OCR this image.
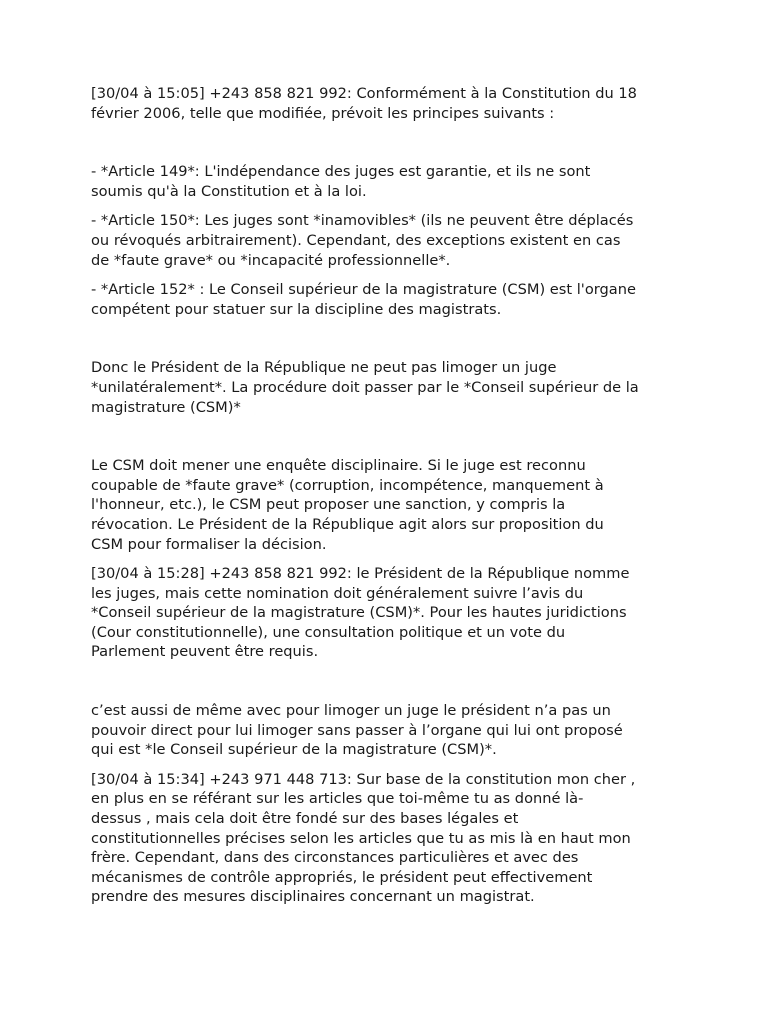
[30/04 à 15:05] +243 858 821 992: Conformément à la Constitution du 18
février 2006, telle que modifiée, prévoit les principes suivants :

- *Article 149*: L'indépendance des juges est garantie, et ils ne sont
soumis qu'à la Constitution et à la loi.

- *Article 150*: Les juges sont *inamovibles* (ils ne peuvent être déplacés
ou révoqués arbitrairement). Cependant, des exceptions existent en cas
de *faute grave* ou *incapacité professionnelle*.

- *Article 152* : Le Conseil supérieur de la magistrature (CSM) est l'organe
compétent pour statuer sur la discipline des magistrats.

Donc le Président de la République ne peut pas limoger un juge
*unilatéralement*. La procédure doit passer par le *Conseil supérieur de la
magistrature (CSM)*

Le CSM doit mener une enquête disciplinaire. Si le juge est reconnu
coupable de *faute grave* (corruption, incompétence, manquement à
l'honneur, etc.), le CSM peut proposer une sanction, y compris la
révocation. Le Président de la République agit alors sur proposition du
CSM pour formaliser la décision.

[30/04 à 15:28] +243 858 821 992: le Président de la République nomme
les juges, mais cette nomination doit généralement suivre l’avis du
*Conseil supérieur de la magistrature (CSM)*. Pour les hautes juridictions
(Cour constitutionnelle), une consultation politique et un vote du
Parlement peuvent être requis.

c’est aussi de même avec pour limoger un juge le président n’a pas un
pouvoir direct pour lui limoger sans passer à l’organe qui lui ont proposé
qui est *le Conseil supérieur de la magistrature (CSM)*.

[30/04 à 15:34] +243 971 448 713: Sur base de la constitution mon cher ,
en plus en se référant sur les articles que toi-même tu as donné là-
dessus , mais cela doit être fondé sur des bases légales et
constitutionnelles précises selon les articles que tu as mis là en haut mon
frère. Cependant, dans des circonstances particulières et avec des
mécanismes de contrôle appropriés, le président peut effectivement
prendre des mesures disciplinaires concernant un magistrat.
